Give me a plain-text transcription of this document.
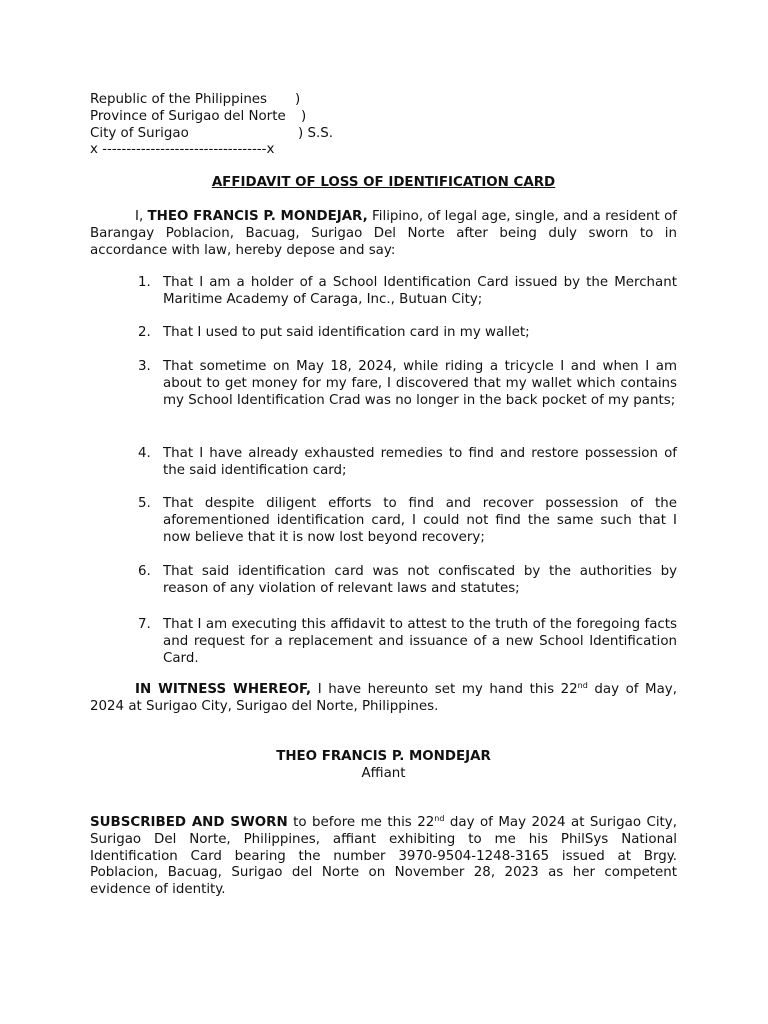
Republic of the Philippines )
Province of Surigao del Norte )
City of Surigao	) S.S.
x ----------------------------------x
AFFIDAVIT OF LOSS OF IDENTIFICATION CARD
I, THEO FRANCIS P. MONDEJAR, Filipino, of legal age, single, and a resident of Barangay Poblacion, Bacuag, Surigao Del Norte after being duly sworn to in accordance with law, hereby depose and say:
1. That I am a holder of a School Identification Card issued by the Merchant Maritime Academy of Caraga, Inc., Butuan City;
2. That I used to put said identification card in my wallet;
3. That sometime on May 18, 2024, while riding a tricycle I and when I am about to get money for my fare, I discovered that my wallet which contains my School Identification Crad was no longer in the back pocket of my pants;
4. That I have already exhausted remedies to find and restore possession of the said identification card;
5. That despite diligent efforts to find and recover possession of the aforementioned identification card, I could not find the same such that I now believe that it is now lost beyond recovery;
6. That said identification card was not confiscated by the authorities by reason of any violation of relevant laws and statutes;
7. That I am executing this affidavit to attest to the truth of the foregoing facts and request for a replacement and issuance of a new School Identification Card.
IN WITNESS WHEREOF, I have hereunto set my hand this 22nd day of May, 2024 at Surigao City, Surigao del Norte, Philippines.
THEO FRANCIS P. MONDEJAR
Affiant
SUBSCRIBED AND SWORN to before me this 22nd day of May 2024 at Surigao City, Surigao Del Norte, Philippines, affiant exhibiting to me his PhilSys National Identification Card bearing the number 3970-9504-1248-3165 issued at Brgy. Poblacion, Bacuag, Surigao del Norte on November 28, 2023 as her competent evidence of identity.
